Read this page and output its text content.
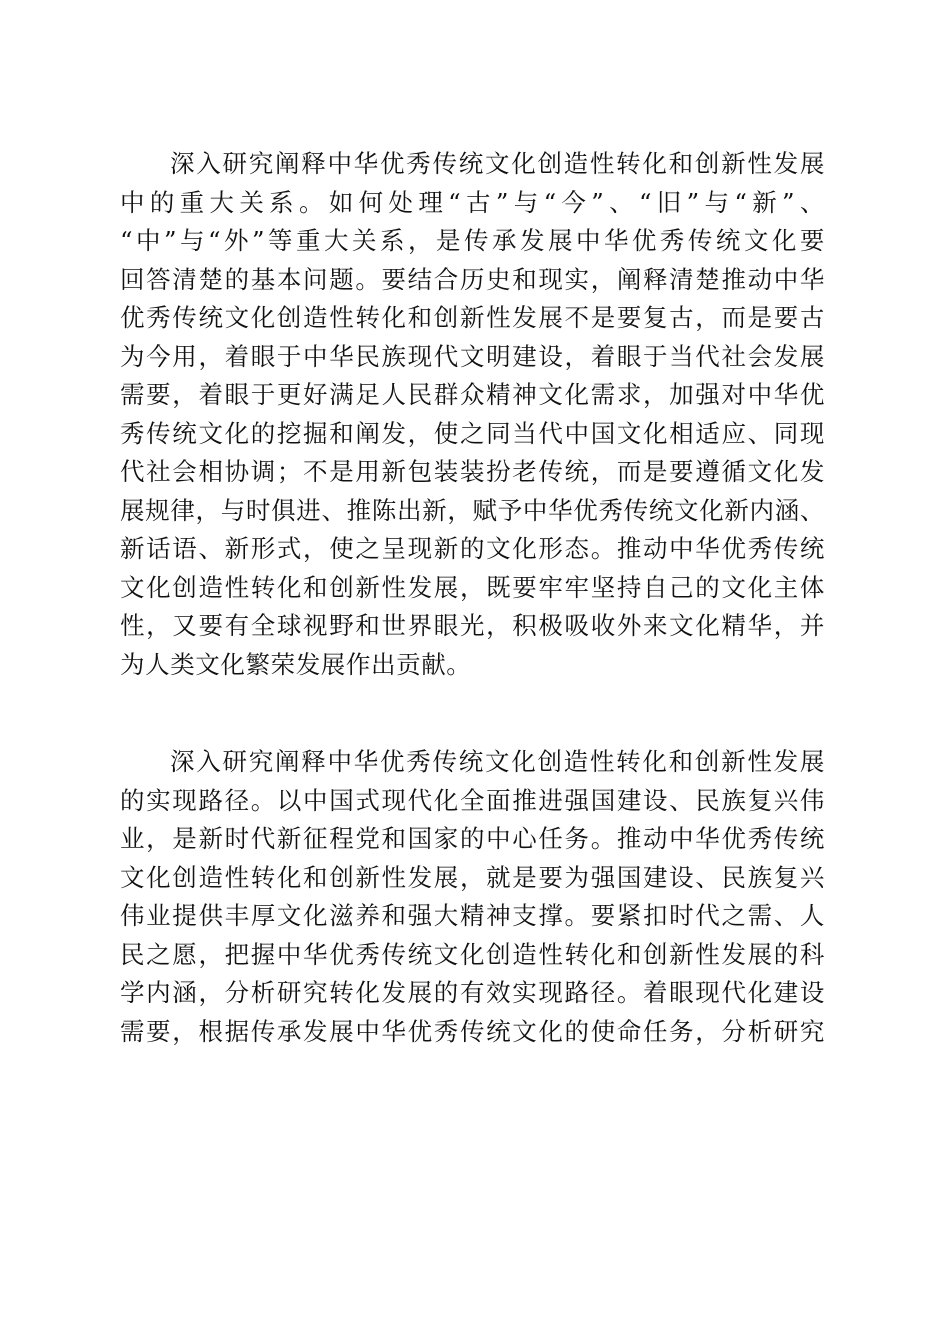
深入研究阐释中华优秀传统文化创造性转化和创新性发展
中的重大关系。如何处理“古”与“今”、“旧”与“新”、
“中”与“外”等重大关系，是传承发展中华优秀传统文化要
回答清楚的基本问题。要结合历史和现实，阐释清楚推动中华
优秀传统文化创造性转化和创新性发展不是要复古，而是要古
为今用，着眼于中华民族现代文明建设，着眼于当代社会发展
需要，着眼于更好满足人民群众精神文化需求，加强对中华优
秀传统文化的挖掘和阐发，使之同当代中国文化相适应、同现
代社会相协调；不是用新包装装扮老传统，而是要遵循文化发
展规律，与时俱进、推陈出新，赋予中华优秀传统文化新内涵、
新话语、新形式，使之呈现新的文化形态。推动中华优秀传统
文化创造性转化和创新性发展，既要牢牢坚持自己的文化主体
性，又要有全球视野和世界眼光，积极吸收外来文化精华，并
为人类文化繁荣发展作出贡献。
深入研究阐释中华优秀传统文化创造性转化和创新性发展
的实现路径。以中国式现代化全面推进强国建设、民族复兴伟
业，是新时代新征程党和国家的中心任务。推动中华优秀传统
文化创造性转化和创新性发展，就是要为强国建设、民族复兴
伟业提供丰厚文化滋养和强大精神支撑。要紧扣时代之需、人
民之愿，把握中华优秀传统文化创造性转化和创新性发展的科
学内涵，分析研究转化发展的有效实现路径。着眼现代化建设
需要，根据传承发展中华优秀传统文化的使命任务，分析研究
